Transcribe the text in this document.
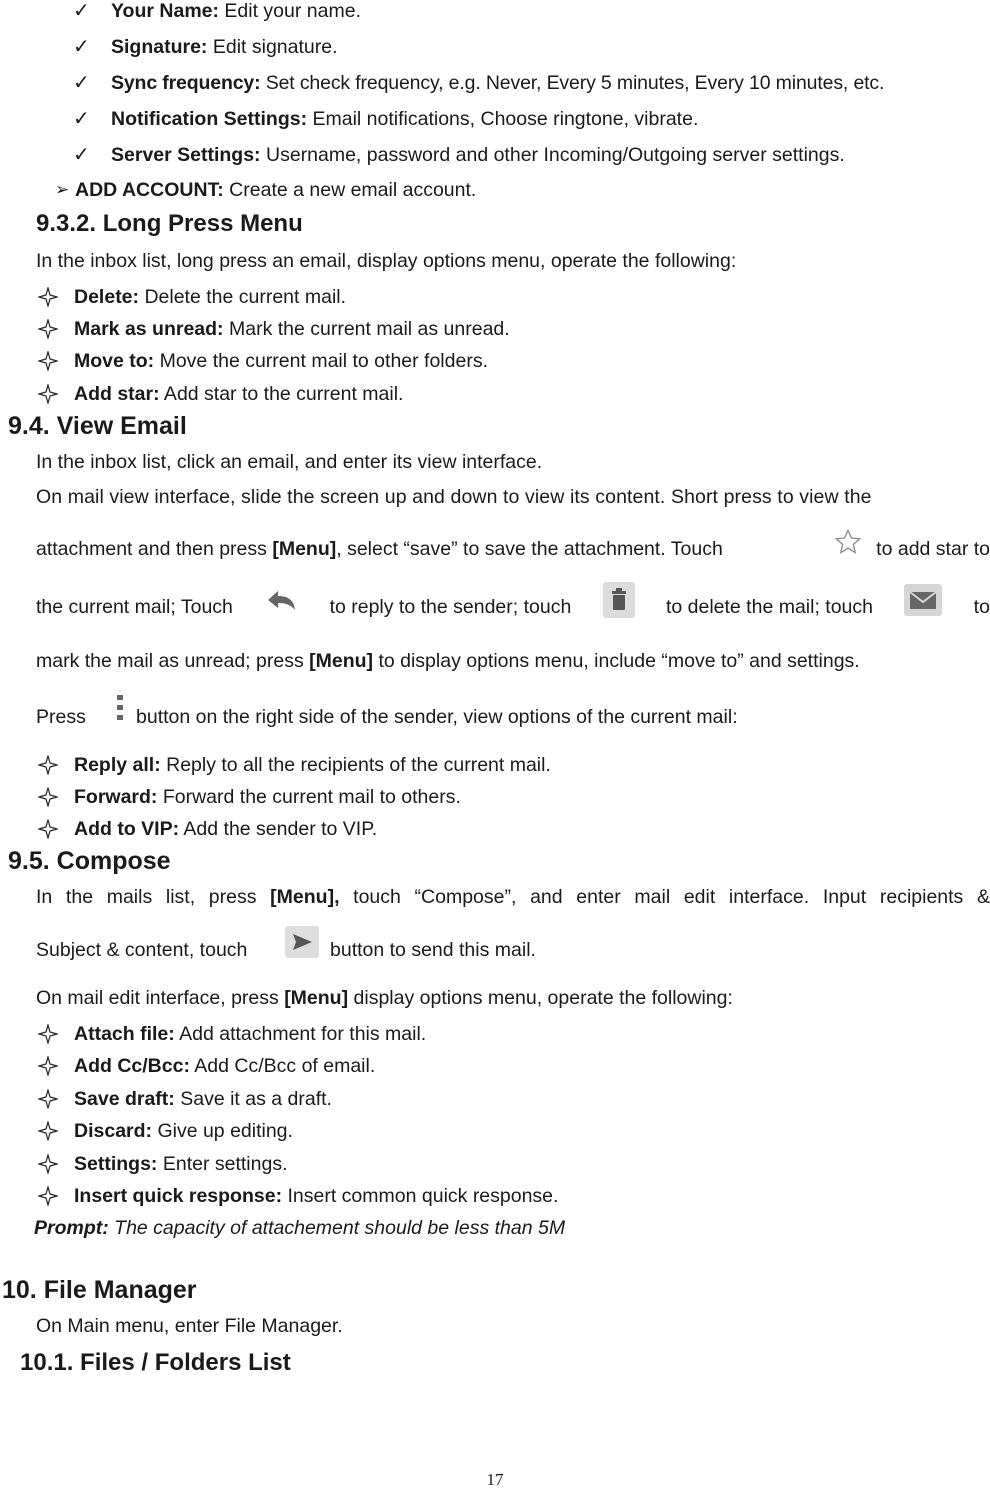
✓ Your Name: Edit your name.
✓ Signature: Edit signature.
✓ Sync frequency: Set check frequency, e.g. Never, Every 5 minutes, Every 10 minutes, etc.
✓ Notification Settings: Email notifications, Choose ringtone, vibrate.
✓ Server Settings: Username, password and other Incoming/Outgoing server settings.
➢ ADD ACCOUNT: Create a new email account.
9.3.2. Long Press Menu
In the inbox list, long press an email, display options menu, operate the following:
Delete: Delete the current mail.
Mark as unread: Mark the current mail as unread.
Move to: Move the current mail to other folders.
Add star: Add star to the current mail.
9.4. View Email
In the inbox list, click an email, and enter its view interface.
On mail view interface, slide the screen up and down to view its content. Short press to view the
attachment and then press [Menu], select “save” to save the attachment. Touch	to add star to
the current mail; Touch	to reply to the sender; touch	to delete the mail; touch	to
mark the mail as unread; press [Menu] to display options menu, include “move to” and settings.
Press	button on the right side of the sender, view options of the current mail:
Reply all: Reply to all the recipients of the current mail.
Forward: Forward the current mail to others.
Add to VIP: Add the sender to VIP.
9.5. Compose
In the mails list, press [Menu], touch “Compose”, and enter mail edit interface. Input recipients &
Subject & content, touch	button to send this mail.
On mail edit interface, press [Menu] display options menu, operate the following:
Attach file: Add attachment for this mail.
Add Cc/Bcc: Add Cc/Bcc of email.
Save draft: Save it as a draft.
Discard: Give up editing.
Settings: Enter settings.
Insert quick response: Insert common quick response.
Prompt: The capacity of attachement should be less than 5M
10. File Manager
On Main menu, enter File Manager.
10.1. Files / Folders List
17
